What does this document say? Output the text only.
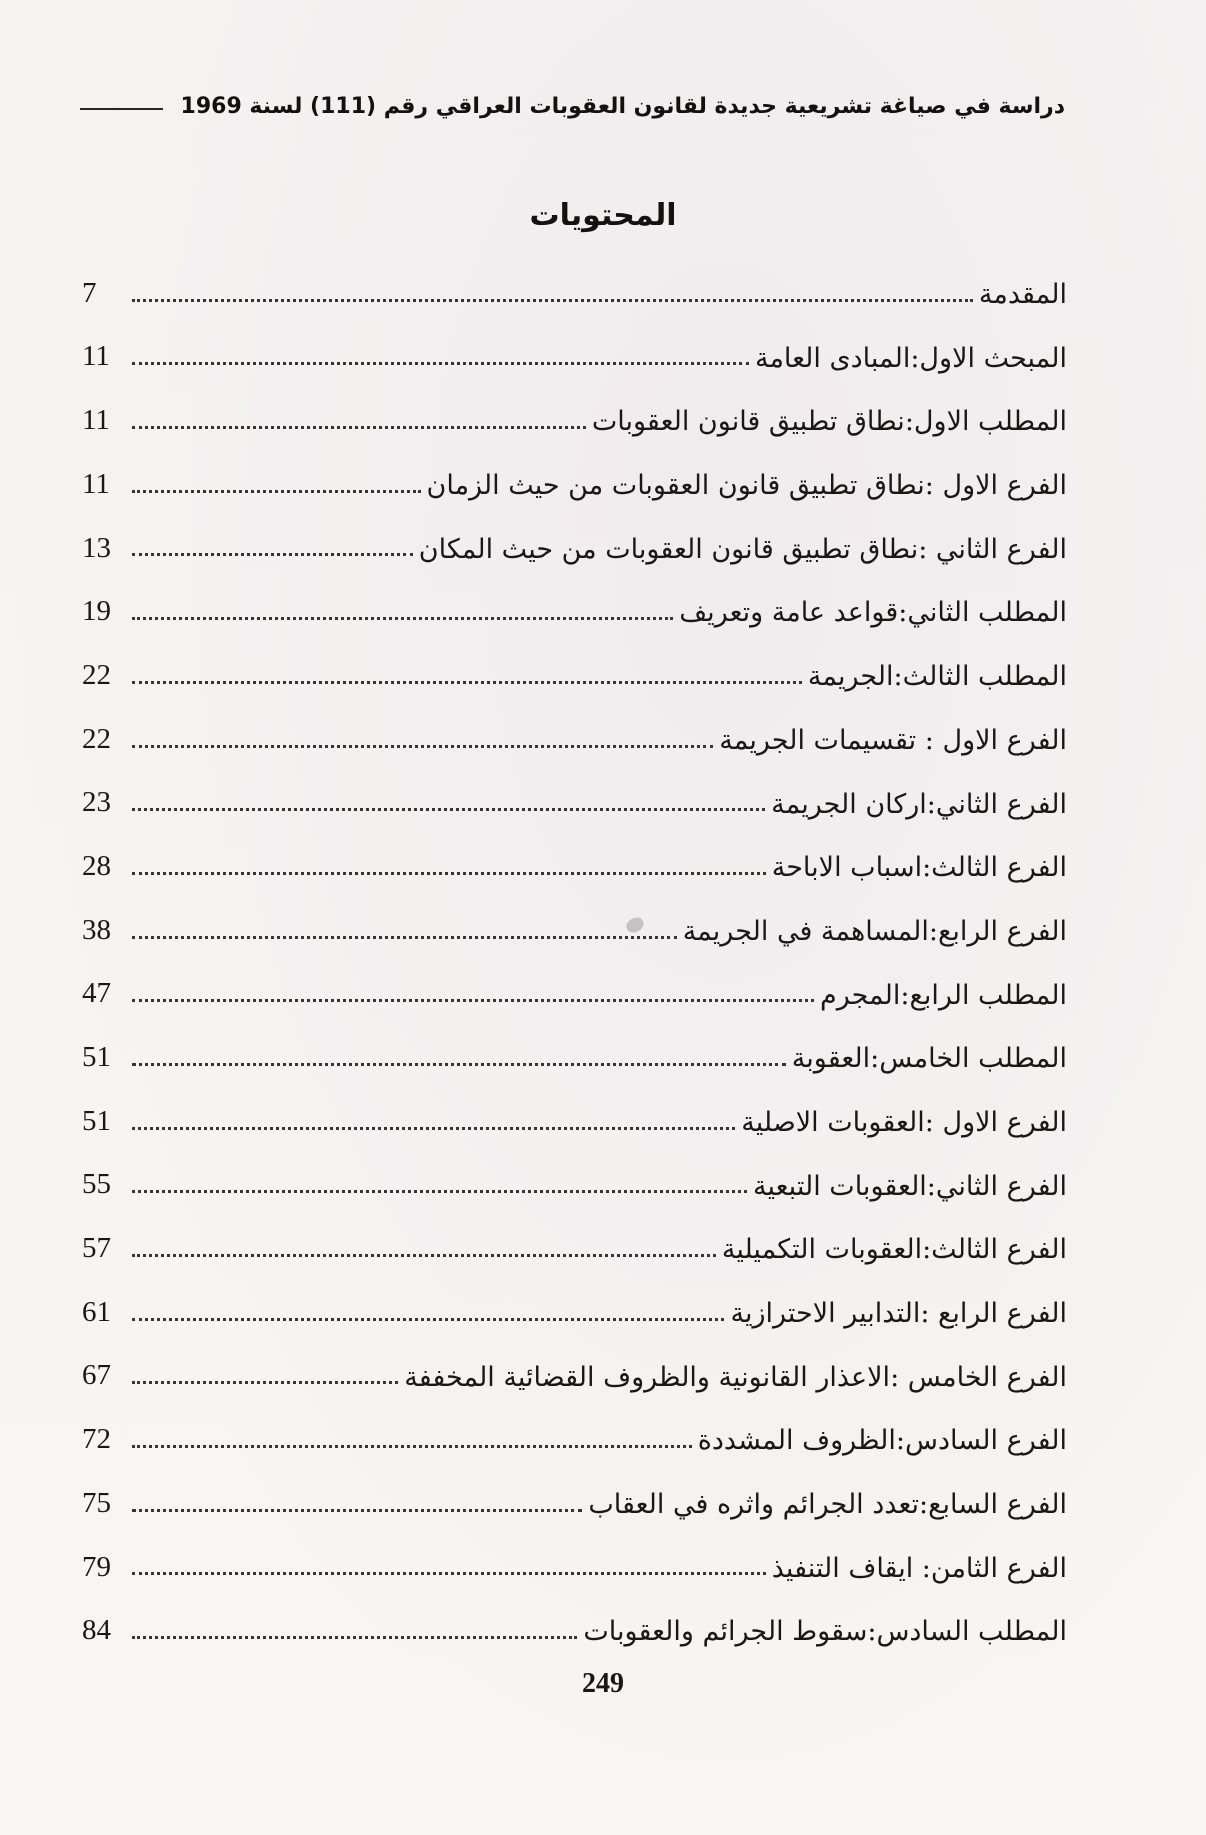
دراسة في صياغة تشريعية جديدة لقانون العقوبات العراقي رقم (111) لسنة 1969
المحتويات
المقدمة
7
المبحث الاول:المبادى العامة
11
المطلب الاول:نطاق تطبيق قانون العقوبات
11
الفرع الاول :نطاق تطبيق قانون العقوبات من حيث الزمان
11
الفرع الثاني :نطاق تطبيق قانون العقوبات من حيث المكان
13
المطلب الثاني:قواعد عامة وتعريف
19
المطلب الثالث:الجريمة
22
الفرع الاول : تقسيمات الجريمة
22
الفرع الثاني:اركان الجريمة
23
الفرع الثالث:اسباب الاباحة
28
الفرع الرابع:المساهمة في الجريمة
38
المطلب الرابع:المجرم
47
المطلب الخامس:العقوبة
51
الفرع الاول :العقوبات الاصلية
51
الفرع الثاني:العقوبات التبعية
55
الفرع الثالث:العقوبات التكميلية
57
الفرع الرابع :التدابير الاحترازية
61
الفرع الخامس :الاعذار القانونية والظروف القضائية المخففة
67
الفرع السادس:الظروف المشددة
72
الفرع السابع:تعدد الجرائم واثره في العقاب
75
الفرع الثامن: ايقاف التنفيذ
79
المطلب السادس:سقوط الجرائم والعقوبات
84
249
